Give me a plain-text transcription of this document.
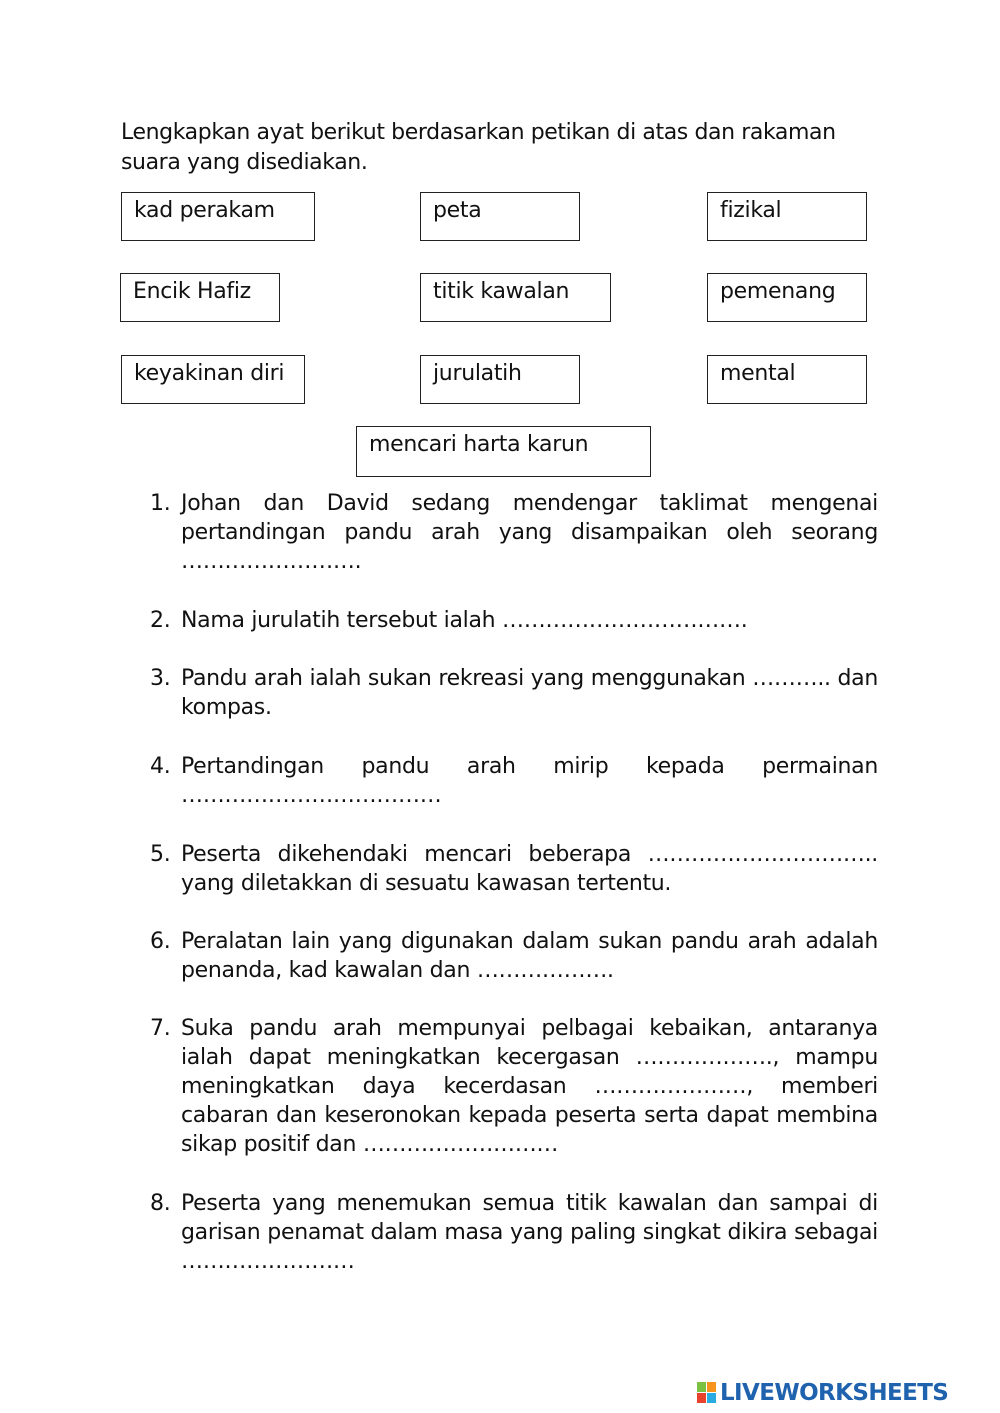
Lengkapkan ayat berikut berdasarkan petikan di atas dan rakaman suara yang disediakan.
kad perakam	peta	fizikal
Encik Hafiz	titik kawalan	pemenang
keyakinan diri	jurulatih	mental
mencari harta karun
1. Johan dan David sedang mendengar taklimat mengenai pertandingan pandu arah yang disampaikan oleh seorang …………………….
2. Nama jurulatih tersebut ialah …………………………….
3. Pandu arah ialah sukan rekreasi yang menggunakan ……….. dan kompas.
4. Pertandingan pandu arah mirip kepada permainan ………………………………
5. Peserta dikehendaki mencari beberapa ………………………….. yang diletakkan di sesuatu kawasan tertentu.
6. Peralatan lain yang digunakan dalam sukan pandu arah adalah penanda, kad kawalan dan ……………….
7. Suka pandu arah mempunyai pelbagai kebaikan, antaranya ialah dapat meningkatkan kecergasan ………………., mampu meningkatkan daya kecerdasan …………………, memberi cabaran dan keseronokan kepada peserta serta dapat membina sikap positif dan ………………………
8. Peserta yang menemukan semua titik kawalan dan sampai di garisan penamat dalam masa yang paling singkat dikira sebagai ……………………
LIVEWORKSHEETS
